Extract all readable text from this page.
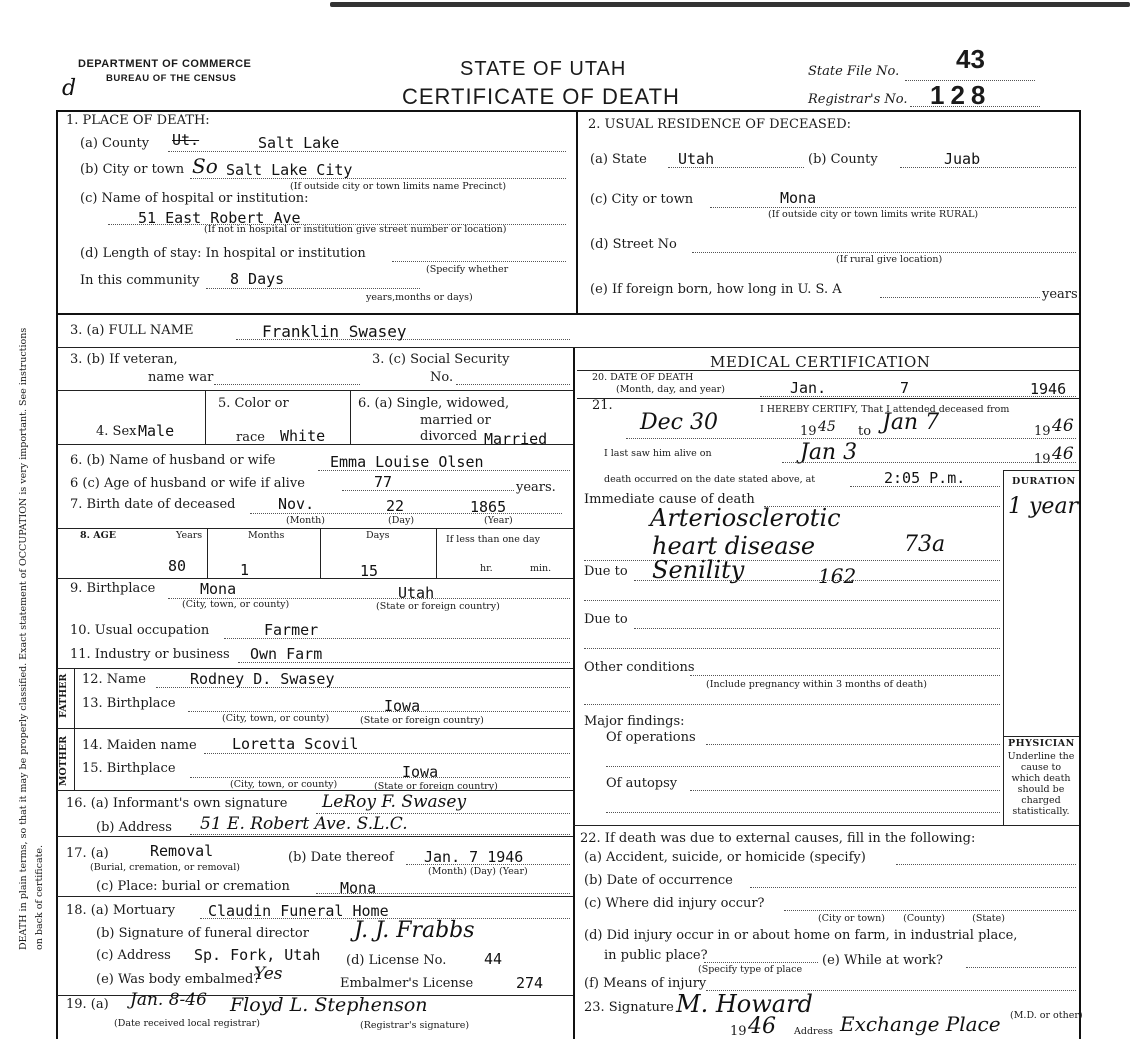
DEPARTMENT OF COMMERCE
BUREAU OF THE CENSUS
d
STATE OF UTAH
CERTIFICATE OF DEATH
State File No. 43
Registrar's No. 128
DEATH in plain terms, so that it may be properly classified. Exact statement of OCCUPATION is very important. See instructions on back of certificate.
1. PLACE OF DEATH:
(a) County Ut.	Salt Lake
(b) City or town So Salt Lake City
(If outside city or town limits name Precinct)
(c) Name of hospital or institution:
51 East Robert Ave
(If not in hospital or institution give street number or location)
(d) Length of stay: In hospital or institution
In this community 8 Days
(Specify whether
years,months or days)
2. USUAL RESIDENCE OF DECEASED:
(a) State Utah	(b) County	Juab
(c) City or town	Mona
(If outside city or town limits write RURAL)
(d) Street No
(If rural give location)
(e) If foreign born, how long in U. S. A	years.
3. (a) FULL NAME	Franklin Swasey
3. (b) If veteran,
name war
3. (c) Social Security
No.
5. Color or	6. (a) Single, widowed,
married or
4. Sex Male	race White	divorced Married
6. (b) Name of husband or wife	Emma Louise Olsen
6 (c) Age of husband or wife if alive	77	years.
7. Birth date of deceased	Nov.	22	1865
(Month)	(Day)	(Year)
8. AGE	Years	Months	Days	If less than one day
80	1	15	hr.	min.
9. Birthplace	Mona	Utah
(City, town, or county)	(State or foreign country)
10. Usual occupation	Farmer
11. Industry or business Own Farm
FATHER
MOTHER
12. Name	Rodney D. Swasey
13. Birthplace	Iowa
(City, town, or county)	(State or foreign country)
14. Maiden name Loretta Scovil
15. Birthplace	Iowa
(City, town, or county)	(State or foreign country)
16. (a) Informant's own signature LeRoy F. Swasey
(b) Address 51 E. Robert Ave. S.L.C.
17. (a)	Removal
(Burial, cremation, or removal)
(b) Date thereof Jan. 7 1946
(Month) (Day) (Year)
(c) Place: burial or cremation	Mona
18. (a) Mortuary Claudin Funeral Home
(b) Signature of funeral director J. J. Frabbs
(c) Address Sp. Fork, Utah (d) License No.	44
(e) Was body embalmed?
Yes	Embalmer's License	274
19. (a) Jan. 8-46 Floyd L. Stephenson
(Date received local registrar)	(Registrar's signature)
MEDICAL CERTIFICATION
20. DATE OF DEATH
(Month, day, and year)	Jan.	7	1946
21.	I HEREBY CERTIFY, That I attended deceased from
Dec 30	19 45 to Jan 7	19 46
I last saw him alive on	Jan 3	19 46
death occurred on the date stated above, at	2:05 P.m.	DURATION
1 year
Immediate cause of death
Arteriosclerotic
heart disease	73a
Due to Senility	162
Due to
Other conditions
(Include pregnancy within 3 months of death)
Major findings:
Of operations
Of autopsy
PHYSICIAN
Underline the cause to which death should be charged statistically.
22. If death was due to external causes, fill in the following:
(a) Accident, suicide, or homicide (specify)
(b) Date of occurrence
(c) Where did injury occur?
(City or town)      (County)         (State)
(d) Did injury occur in or about home on farm, in industrial place,
in public place?
(Specify type of place
(e) While at work?
(f) Means of injury
23. Signature M. Howard	(M.D. or other)
19 46 Address Exchange Place
